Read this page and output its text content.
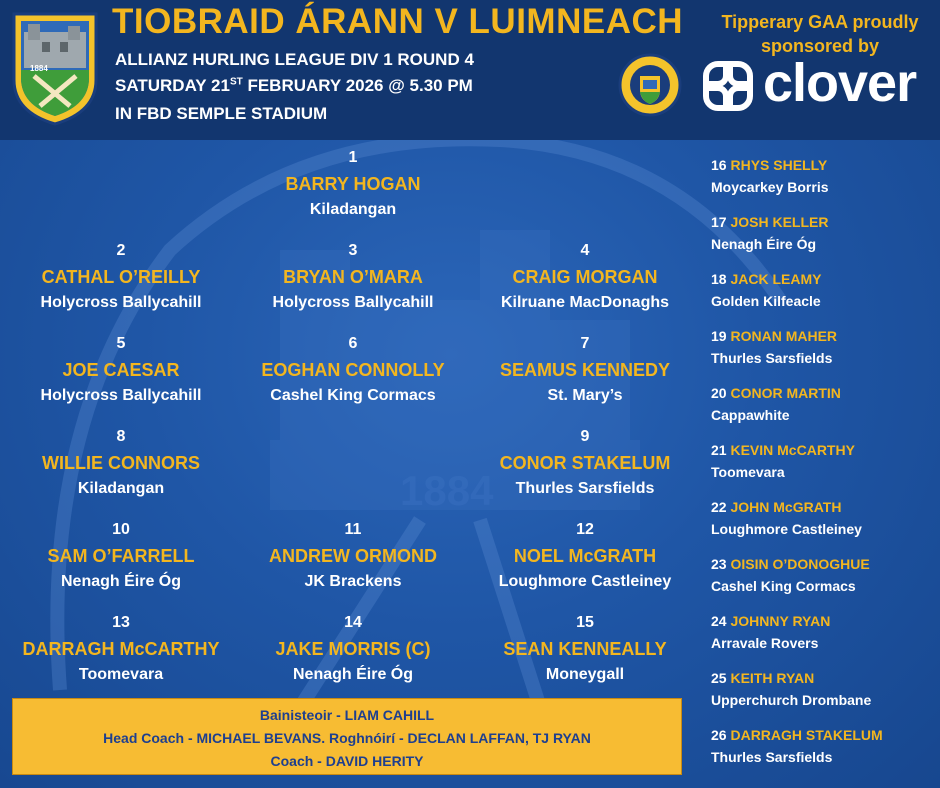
1884
1884
TIOBRAID ÁRANN V LUIMNEACH
ALLIANZ HURLING LEAGUE DIV 1 ROUND 4
SATURDAY 21ST FEBRUARY 2026 @ 5.30 PM
IN FBD SEMPLE STADIUM
Tipperary GAA proudly
sponsored by
clover
1
BARRY HOGAN
Kiladangan
2
CATHAL O’REILLY
Holycross Ballycahill
3
BRYAN O’MARA
Holycross Ballycahill
4
CRAIG MORGAN
Kilruane MacDonaghs
5
JOE CAESAR
Holycross Ballycahill
6
EOGHAN CONNOLLY
Cashel King Cormacs
7
SEAMUS KENNEDY
St. Mary’s
8
WILLIE CONNORS
Kiladangan
9
CONOR STAKELUM
Thurles Sarsfields
10
SAM O’FARRELL
Nenagh Éire Óg
11
ANDREW ORMOND
JK Brackens
12
NOEL McGRATH
Loughmore Castleiney
13
DARRAGH McCARTHY
Toomevara
14
JAKE MORRIS (C)
Nenagh Éire Óg
15
SEAN KENNEALLY
Moneygall
16 RHYS SHELLY
Moycarkey Borris
17 JOSH KELLER
Nenagh Éire Óg
18 JACK LEAMY
Golden Kilfeacle
19 RONAN MAHER
Thurles Sarsfields
20 CONOR MARTIN
Cappawhite
21 KEVIN McCARTHY
Toomevara
22 JOHN McGRATH
Loughmore Castleiney
23 OISIN O’DONOGHUE
Cashel King Cormacs
24 JOHNNY RYAN
Arravale Rovers
25 KEITH RYAN
Upperchurch Drombane
26 DARRAGH STAKELUM
Thurles Sarsfields
Bainisteoir - LIAM CAHILL
Head Coach - MICHAEL BEVANS. Roghnóirí - DECLAN LAFFAN, TJ RYAN
Coach - DAVID HERITY
